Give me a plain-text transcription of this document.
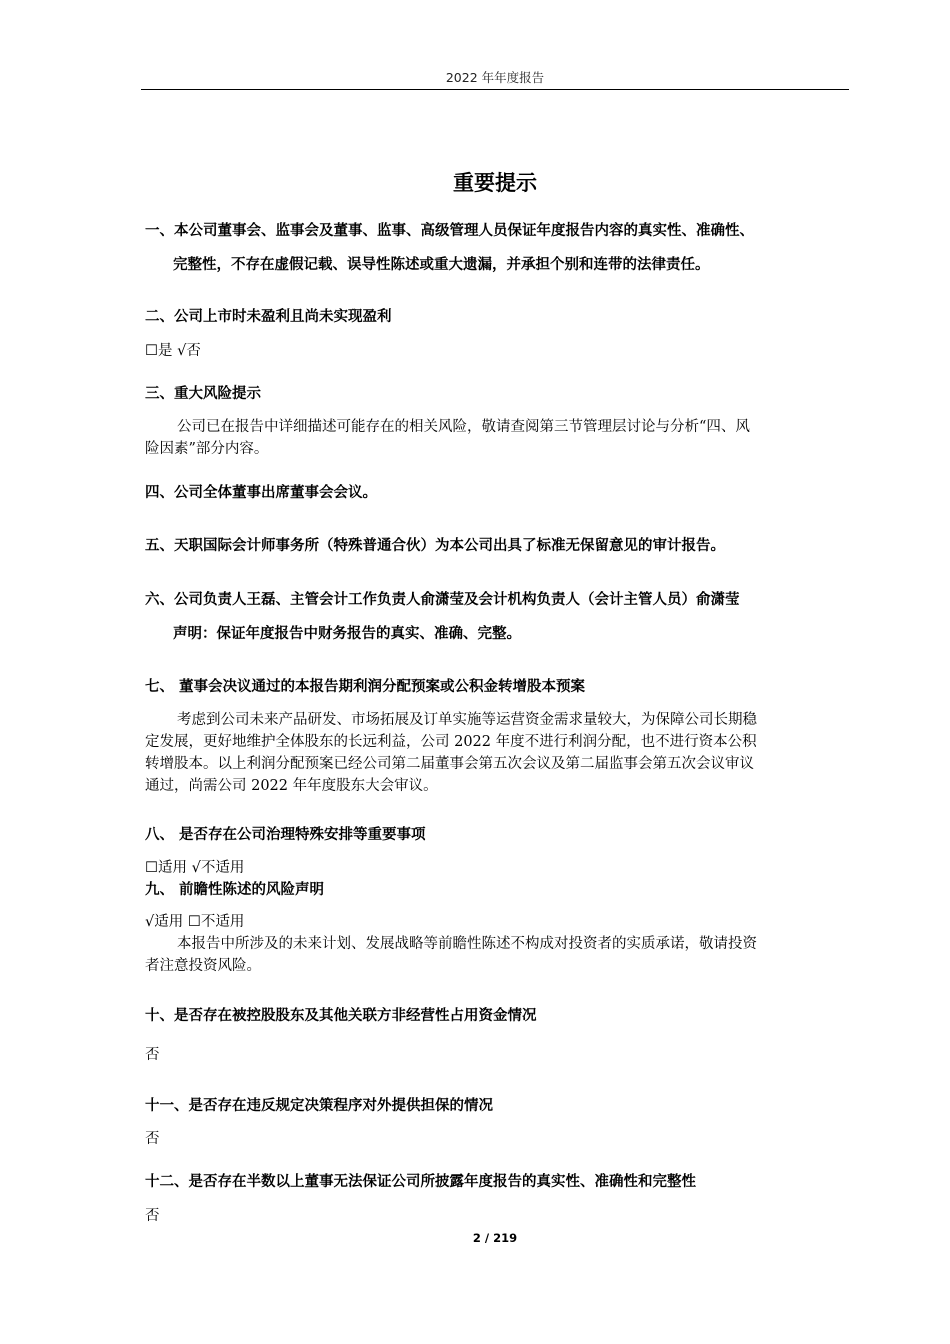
2022 年年度报告
重要提示
一、本公司董事会、监事会及董事、监事、高级管理人员保证年度报告内容的真实性、准确性、
完整性，不存在虚假记载、误导性陈述或重大遗漏，并承担个别和连带的法律责任。
二、公司上市时未盈利且尚未实现盈利
☐是 √否
三、重大风险提示
公司已在报告中详细描述可能存在的相关风险，敬请查阅第三节管理层讨论与分析“四、风
险因素”部分内容。
四、公司全体董事出席董事会会议。
五、天职国际会计师事务所（特殊普通合伙）为本公司出具了标准无保留意见的审计报告。
六、公司负责人王磊、主管会计工作负责人俞潇莹及会计机构负责人（会计主管人员）俞潇莹
声明：保证年度报告中财务报告的真实、准确、完整。
七、 董事会决议通过的本报告期利润分配预案或公积金转增股本预案
考虑到公司未来产品研发、市场拓展及订单实施等运营资金需求量较大，为保障公司长期稳
定发展，更好地维护全体股东的长远利益，公司 2022 年度不进行利润分配，也不进行资本公积
转增股本。以上利润分配预案已经公司第二届董事会第五次会议及第二届监事会第五次会议审议
通过，尚需公司 2022 年年度股东大会审议。
八、 是否存在公司治理特殊安排等重要事项
☐适用 √不适用
九、 前瞻性陈述的风险声明
√适用 ☐不适用
本报告中所涉及的未来计划、发展战略等前瞻性陈述不构成对投资者的实质承诺，敬请投资
者注意投资风险。
十、是否存在被控股股东及其他关联方非经营性占用资金情况
否
十一、是否存在违反规定决策程序对外提供担保的情况
否
十二、是否存在半数以上董事无法保证公司所披露年度报告的真实性、准确性和完整性
否
2 / 219
